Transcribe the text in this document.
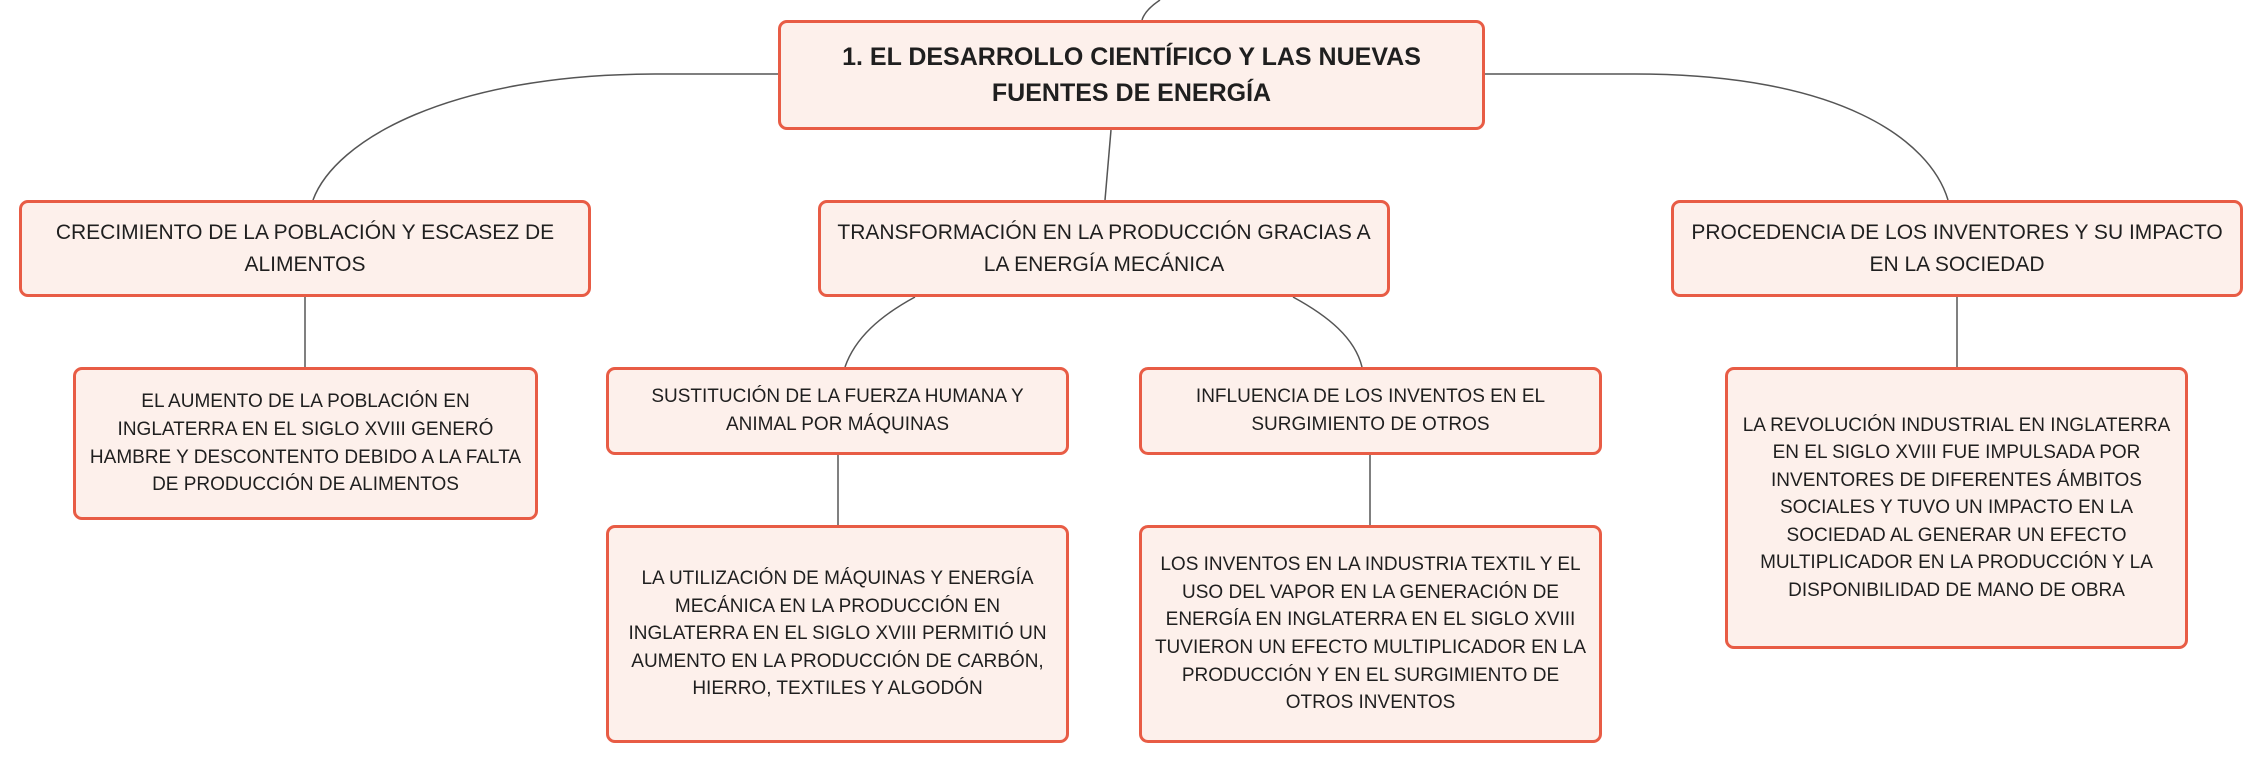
1. EL DESARROLLO CIENTÍFICO Y LAS NUEVAS FUENTES DE ENERGÍA
CRECIMIENTO DE LA POBLACIÓN Y ESCASEZ DE ALIMENTOS
TRANSFORMACIÓN EN LA PRODUCCIÓN GRACIAS A LA ENERGÍA MECÁNICA
PROCEDENCIA DE LOS INVENTORES Y SU IMPACTO EN LA SOCIEDAD
EL AUMENTO DE LA POBLACIÓN EN INGLATERRA EN EL SIGLO XVIII GENERÓ HAMBRE Y DESCONTENTO DEBIDO A LA FALTA DE PRODUCCIÓN DE ALIMENTOS
SUSTITUCIÓN DE LA FUERZA HUMANA Y ANIMAL POR MÁQUINAS
INFLUENCIA DE LOS INVENTOS EN EL SURGIMIENTO DE OTROS
LA UTILIZACIÓN DE MÁQUINAS Y ENERGÍA MECÁNICA EN LA PRODUCCIÓN EN INGLATERRA EN EL SIGLO XVIII PERMITIÓ UN AUMENTO EN LA PRODUCCIÓN DE CARBÓN, HIERRO, TEXTILES Y ALGODÓN
LOS INVENTOS EN LA INDUSTRIA TEXTIL Y EL USO DEL VAPOR EN LA GENERACIÓN DE ENERGÍA EN INGLATERRA EN EL SIGLO XVIII TUVIERON UN EFECTO MULTIPLICADOR EN LA PRODUCCIÓN Y EN EL SURGIMIENTO DE OTROS INVENTOS
LA REVOLUCIÓN INDUSTRIAL EN INGLATERRA EN EL SIGLO XVIII FUE IMPULSADA POR INVENTORES DE DIFERENTES ÁMBITOS SOCIALES Y TUVO UN IMPACTO EN LA SOCIEDAD AL GENERAR UN EFECTO MULTIPLICADOR EN LA PRODUCCIÓN Y LA DISPONIBILIDAD DE MANO DE OBRA
